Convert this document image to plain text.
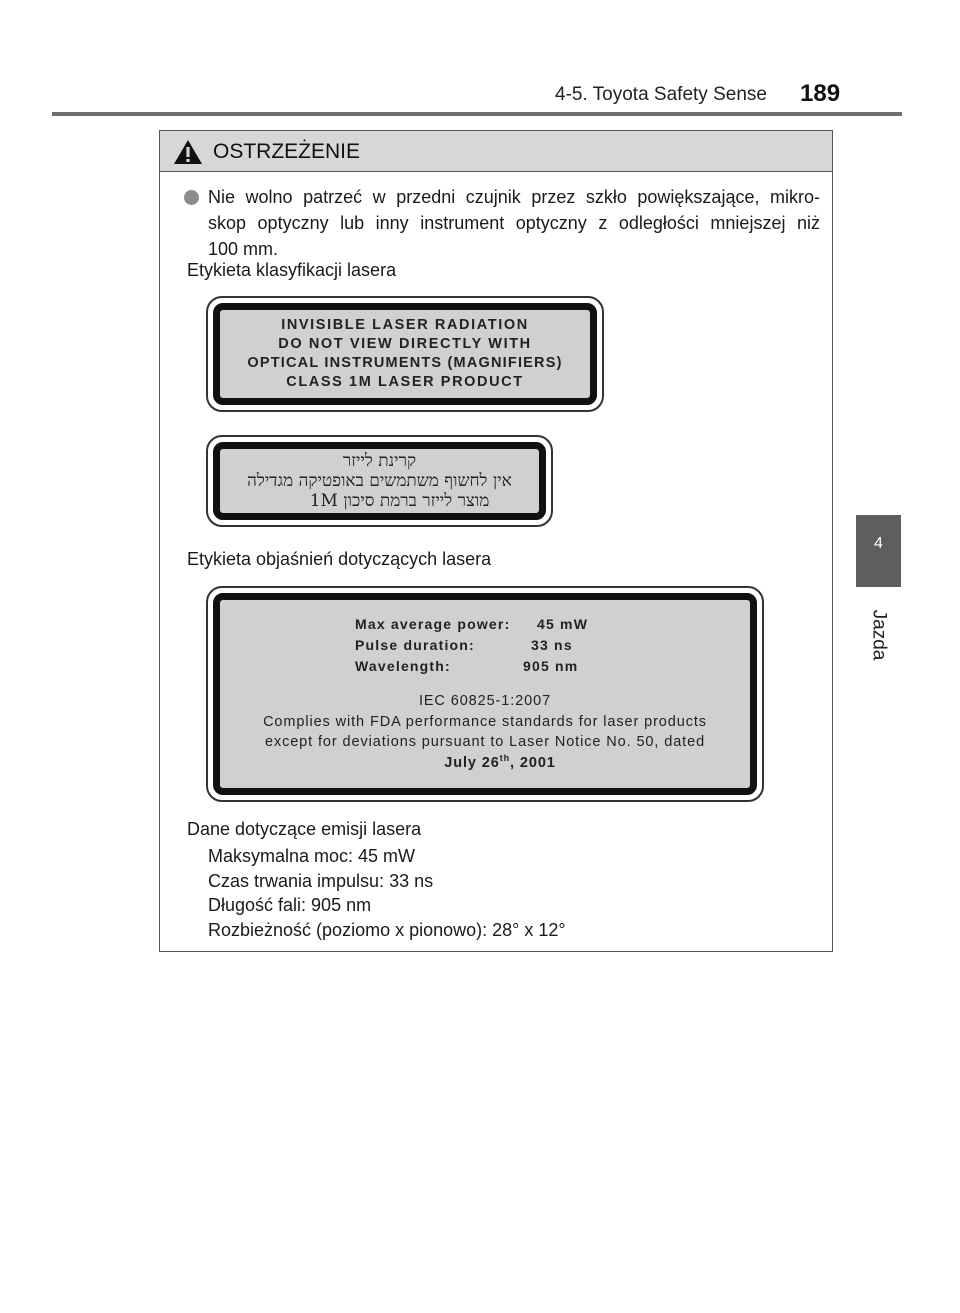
4-5. Toyota Safety Sense 189
4
Jazda
OSTRZEŻENIE
Nie wolno patrzeć w przedni czujnik przez szkło powiększające, mikro-
skop optyczny lub inny instrument optyczny z odległości mniejszej niż
100 mm.
Etykieta klasyfikacji lasera
INVISIBLE LASER RADIATION
DO NOT VIEW DIRECTLY WITH
OPTICAL INSTRUMENTS (MAGNIFIERS)
CLASS 1M LASER PRODUCT
קרינת לייזר
אין לחשוף משתמשים באופטיקה מגדילה
מוצר לייזר ברמת סיכון 1M
Etykieta objaśnień dotyczących lasera
Max average power: 45 mW
Pulse duration:	33 ns
Wavelength:	905 nm
IEC 60825-1:2007
Complies with FDA performance standards for laser products
except for deviations pursuant to Laser Notice No. 50, dated
July 26th, 2001
Dane dotyczące emisji lasera
Maksymalna moc: 45 mW
Czas trwania impulsu: 33 ns
Długość fali: 905 nm
Rozbieżność (poziomo x pionowo): 28° x 12°
